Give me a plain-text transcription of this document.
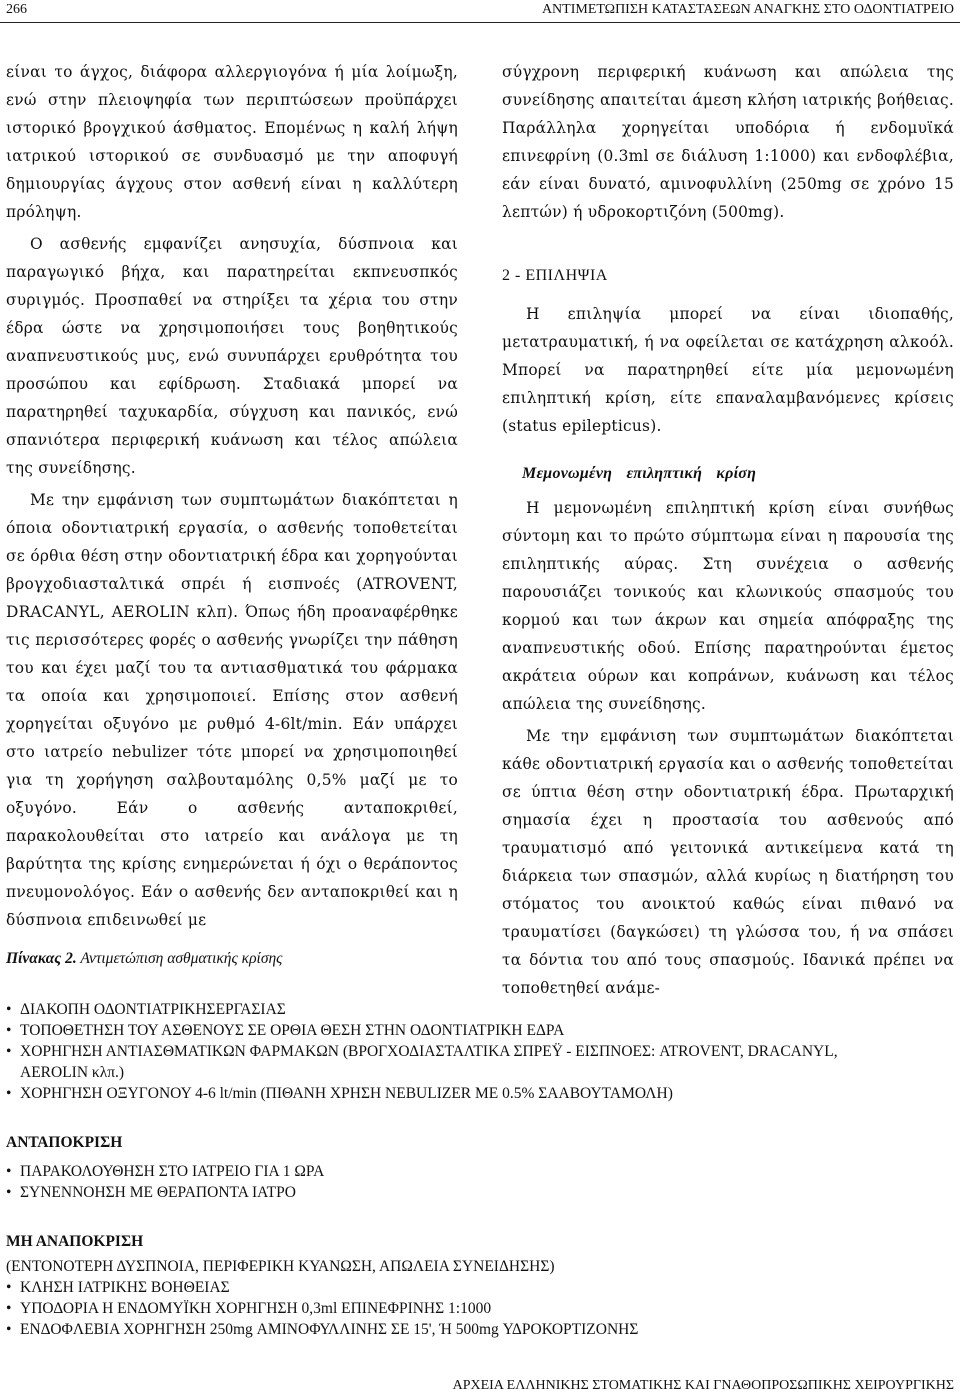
266	ΑΝΤΙΜΕΤΩΠΙΣΗ ΚΑΤΑΣΤΑΣΕΩΝ ΑΝΑΓΚΗΣ ΣΤΟ ΟΔΟΝΤΙΑΤΡΕΙΟ

είναι το άγχος, διάφορα αλλεργιογόνα ή μία λοίμωξη, ενώ στην πλειοψηφία των περιπτώσεων προϋπάρχει ιστορικό βρογχικού άσθματος. Επομένως η καλή λήψη ιατρικού ιστορικού σε συνδυασμό με την αποφυγή δημιουργίας άγχους στον ασθενή είναι η καλλύτερη πρόληψη.

Ο ασθενής εμφανίζει ανησυχία, δύσπνοια και παραγωγικό βήχα, και παρατηρείται εκπνευσπκός συριγμός. Προσπαθεί να στηρίξει τα χέρια του στην έδρα ώστε να χρησιμοποιήσει τους βοηθητικούς αναπνευστικούς μυς, ενώ συνυπάρχει ερυθρότητα του προσώπου και εφίδρωση. Σταδιακά μπορεί να παρατηρηθεί ταχυκαρδία, σύγχυση και πανικός, ενώ σπανιότερα περιφερική κυάνωση και τέλος απώλεια της συνείδησης.

Με την εμφάνιση των συμπτωμάτων διακόπτεται η όποια οδοντιατρική εργασία, ο ασθενής τοποθετείται σε όρθια θέση στην οδοντιατρική έδρα και χορηγούνται βρογχοδιασταλτικά σπρέι ή εισπνοές (ATROVENT, DRACANYL, AEROLIN κλπ). Όπως ήδη προαναφέρθηκε τις περισσότερες φορές ο ασθενής γνωρίζει την πάθηση του και έχει μαζί του τα αντιασθματικά του φάρμακα τα οποία και χρησιμοποιεί. Επίσης στον ασθενή χορηγείται οξυγόνο με ρυθμό 4-6lt/min. Εάν υπάρχει στο ιατρείο nebulizer τότε μπορεί να χρησιμοποιηθεί για τη χορήγηση σαλβουταμόλης 0,5% μαζί με το οξυγόνο. Εάν ο ασθενής ανταποκριθεί, παρακολουθείται στο ιατρείο και ανάλογα με τη βαρύτητα της κρίσης ενημερώνεται ή όχι ο θεράποντος πνευμονολόγος. Εάν ο ασθενής δεν ανταποκριθεί και η δύσπνοια επιδεινωθεί με

σύγχρονη περιφερική κυάνωση και απώλεια της συνείδησης απαιτείται άμεση κλήση ιατρικής βοήθειας. Παράλληλα χορηγείται υποδόρια ή ενδομυϊκά επινεφρίνη (0.3ml σε διάλυση 1:1000) και ενδοφλέβια, εάν είναι δυνατό, αμινοφυλλίνη (250mg σε χρόνο 15 λεπτών) ή υδροκορτιζόνη (500mg).

2 - ΕΠΙΛΗΨΙΑ

Η επιληψία μπορεί να είναι ιδιοπαθής, μετατραυματική, ή να οφείλεται σε κατάχρηση αλκοόλ. Μπορεί να παρατηρηθεί είτε μία μεμονωμένη επιληπτική κρίση, είτε επαναλαμβανόμενες κρίσεις (status epilepticus).

Μεμονωμένη επιληπτική κρίση

Η μεμονωμένη επιληπτική κρίση είναι συνήθως σύντομη και το πρώτο σύμπτωμα είναι η παρουσία της επιληπτικής αύρας. Στη συνέχεια ο ασθενής παρουσιάζει τονικούς και κλωνικούς σπασμούς του κορμού και των άκρων και σημεία απόφραξης της αναπνευστικής οδού. Επίσης παρατηρούνται έμετος ακράτεια ούρων και κοπράνων, κυάνωση και τέλος απώλεια της συνείδησης.

Με την εμφάνιση των συμπτωμάτων διακόπτεται κάθε οδοντιατρική εργασία και ο ασθενής τοποθετείται σε ύπτια θέση στην οδοντιατρική έδρα. Πρωταρχική σημασία έχει η προστασία του ασθενούς από τραυματισμό από γειτονικά αντικείμενα κατά τη διάρκεια των σπασμών, αλλά κυρίως η διατήρηση του στόματος του ανοικτού καθώς είναι πιθανό να τραυματίσει (δαγκώσει) τη γλώσσα του, ή να σπάσει τα δόντια του από τους σπασμούς. Ιδανικά πρέπει να τοποθετηθεί ανάμε-

Πίνακας 2. Αντιμετώπιση ασθματικής κρίσης
• ΔΙΑΚΟΠΗ ΟΔΟΝΤΙΑΤΡΙΚΗΣΕΡΓΑΣΙΑΣ
• ΤΟΠΟΘΕΤΗΣΗ ΤΟΥ ΑΣΘΕΝΟΥΣ ΣΕ ΟΡΘΙΑ ΘΕΣΗ ΣΤΗΝ ΟΔΟΝΤΙΑΤΡΙΚΗ ΕΔΡΑ
• ΧΟΡΗΓΗΣΗ ΑΝΤΙΑΣΘΜΑΤΙΚΩΝ ΦΑΡΜΑΚΩΝ (ΒΡΟΓΧΟΔΙΑΣΤΑΛΤΙΚΑ ΣΠΡΕΫ - ΕΙΣΠΝΟΕΣ: ATROVENT, DRACANYL,
AEROLIN κλπ.)
• ΧΟΡΗΓΗΣΗ ΟΞΥΓΟΝΟΥ 4-6 lt/min (ΠΙΘΑΝΗ ΧΡΗΣΗ NEBULIZER ΜΕ 0.5% ΣΑΑΒΟΥΤΑΜΟΛΗ)
ΑΝΤΑΠΟΚΡΙΣΗ
• ΠΑΡΑΚΟΛΟΥΘΗΣΗ ΣΤΟ ΙΑΤΡΕΙΟ ΓΙΑ 1 ΩΡΑ
• ΣΥΝΕΝΝΟΗΣΗ ΜΕ ΘΕΡΑΠΟΝΤΑ ΙΑΤΡΟ
ΜΗ ΑΝΑΠΟΚΡΙΣΗ
(ΕΝΤΟΝΟΤΕΡΗ ΔΥΣΠΝΟΙΑ, ΠΕΡΙΦΕΡΙΚΗ ΚΥΑΝΩΣΗ, ΑΠΩΛΕΙΑ ΣΥΝΕΙΔΗΣΗΣ)
• ΚΛΗΣΗ ΙΑΤΡΙΚΗΣ ΒΟΗΘΕΙΑΣ
• ΥΠΟΔΟΡΙΑ Η ΕΝΔΟΜΥΪΚΗ ΧΟΡΗΓΗΣΗ 0,3ml ΕΠΙΝΕΦΡΙΝΗΣ 1:1000
• ΕΝΔΟΦΛΕΒΙΑ ΧΟΡΗΓΗΣΗ 250mg ΑΜΙΝΟΦΥΛΛΙΝΗΣ ΣΕ 15', Ή 500mg ΥΔΡΟΚΟΡΤΙΖΟΝΗΣ
ΑΡΧΕΙΑ ΕΛΛΗΝΙΚΗΣ ΣΤΟΜΑΤΙΚΗΣ ΚΑΙ ΓΝΑΘΟΠΡΟΣΩΠΙΚΗΣ ΧΕΙΡΟΥΡΓΙΚΗΣ
